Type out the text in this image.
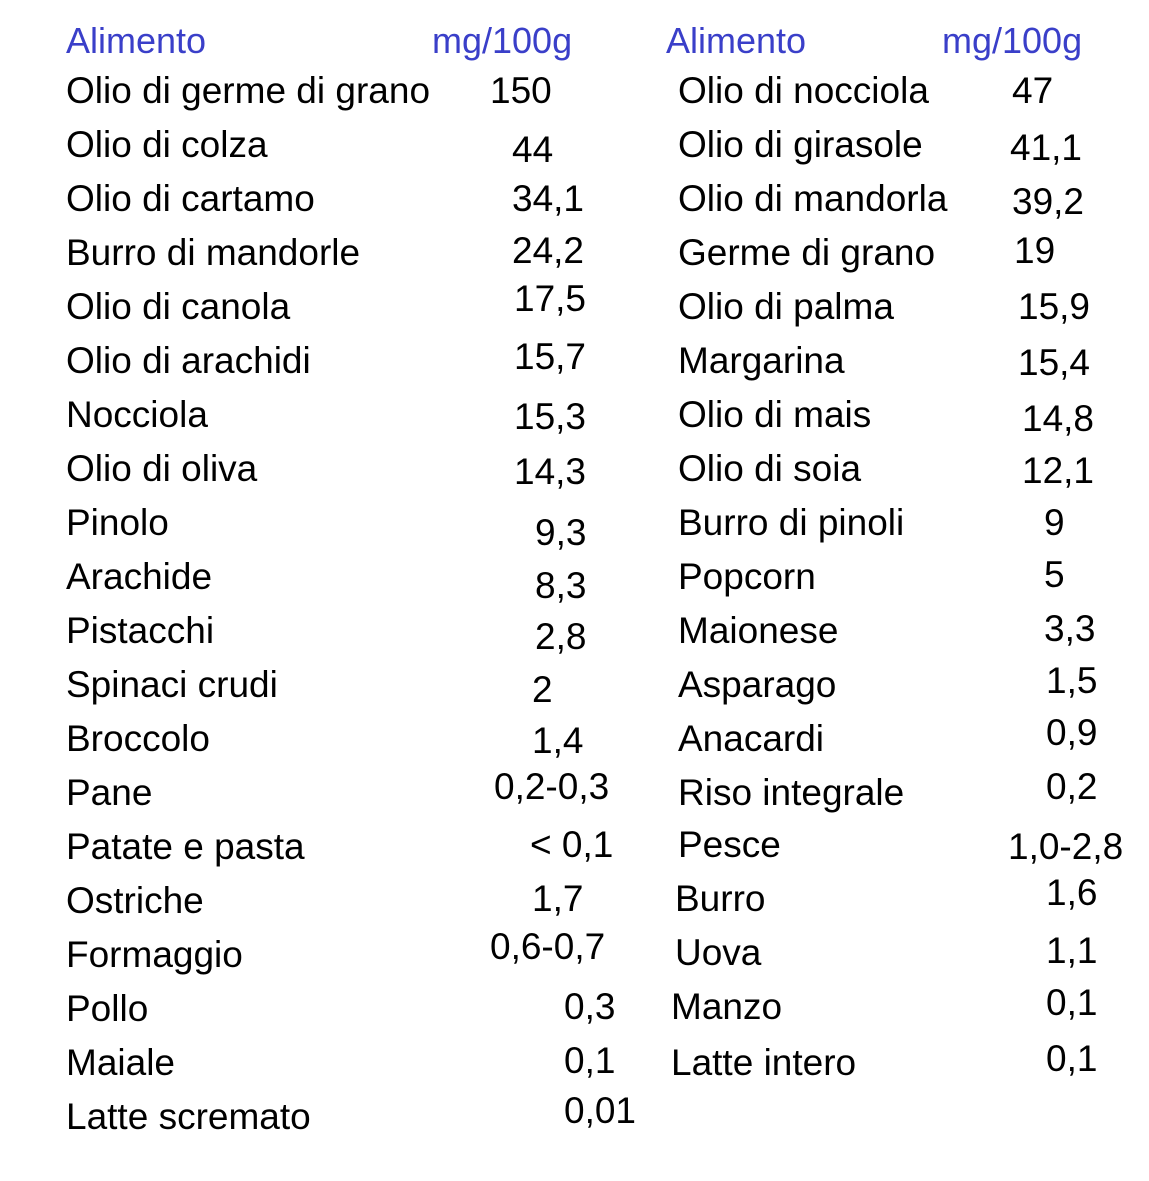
Alimento	mg/100g	Alimento	mg/100g
Olio di germe di grano 150
Olio di colza	44
Olio di cartamo	34,1
Burro di mandorle	24,2
Olio di canola	17,5
Olio di arachidi	15,7
Nocciola	15,3
Olio di oliva	14,3
Pinolo	9,3
Arachide	8,3
Pistacchi	2,8
Spinaci crudi	2
Broccolo	1,4
Pane	0,2-0,3
Patate e pasta	< 0,1
Ostriche	1,7
Formaggio	0,6-0,7
Pollo	0,3
Maiale	0,1
Latte scremato	0,01
Olio di nocciola 47
Olio di girasole 41,1
Olio di mandorla 39,2
Germe di grano 19
Olio di palma	15,9
Margarina	15,4
Olio di mais	14,8
Olio di soia	12,1
Burro di pinoli	9
Popcorn	5
Maionese	3,3
Asparago	1,5
Anacardi	0,9
Riso integrale	0,2
Pesce	1,0-2,8
Burro	1,6
Uova	1,1
Manzo	0,1
Latte intero	0,1
